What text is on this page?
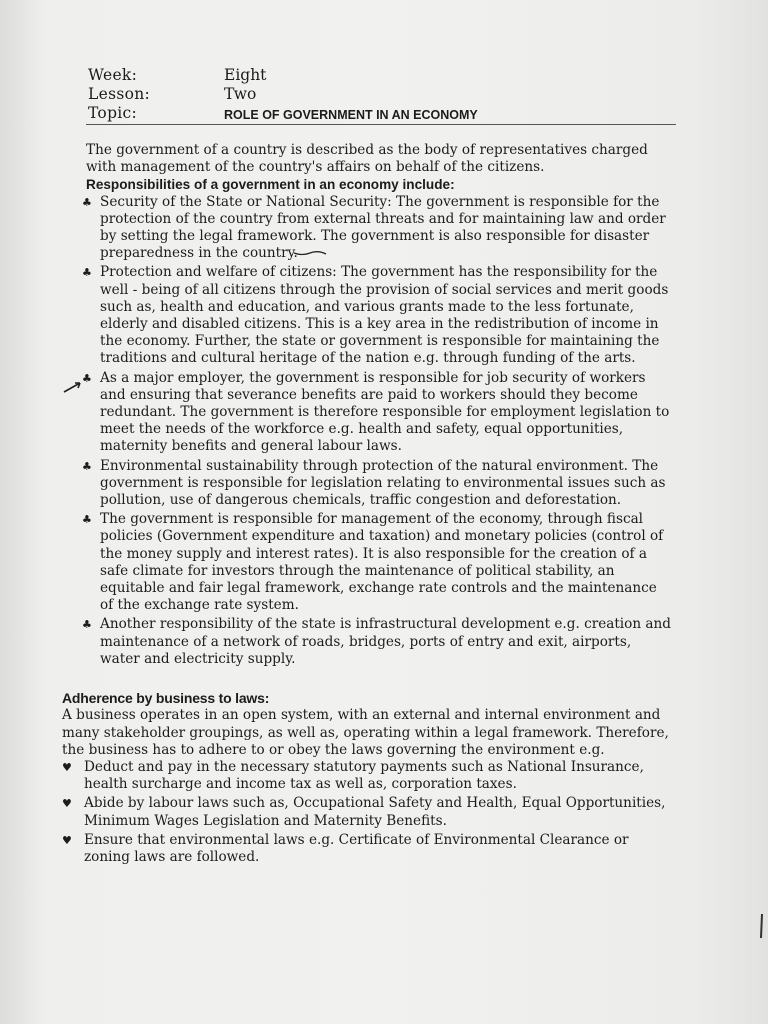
Week:	Eight
Lesson:	Two
Topic:	ROLE OF GOVERNMENT IN AN ECONOMY

The government of a country is described as the body of representatives charged with management of the country's affairs on behalf of the citizens.

Responsibilities of a government in an economy include:

♣ Security of the State or National Security: The government is responsible for the protection of the country from external threats and for maintaining law and order by setting the legal framework. The government is also responsible for disaster preparedness in the country.
♣ Protection and welfare of citizens: The government has the responsibility for the well - being of all citizens through the provision of social services and merit goods such as, health and education, and various grants made to the less fortunate, elderly and disabled citizens. This is a key area in the redistribution of income in the economy. Further, the state or government is responsible for maintaining the traditions and cultural heritage of the nation e.g. through funding of the arts.
♣ As a major employer, the government is responsible for job security of workers and ensuring that severance benefits are paid to workers should they become redundant. The government is therefore responsible for employment legislation to meet the needs of the workforce e.g. health and safety, equal opportunities, maternity benefits and general labour laws.
♣ Environmental sustainability through protection of the natural environment. The government is responsible for legislation relating to environmental issues such as pollution, use of dangerous chemicals, traffic congestion and deforestation.
♣ The government is responsible for management of the economy, through fiscal policies (Government expenditure and taxation) and monetary policies (control of the money supply and interest rates). It is also responsible for the creation of a safe climate for investors through the maintenance of political stability, an equitable and fair legal framework, exchange rate controls and the maintenance of the exchange rate system.
♣ Another responsibility of the state is infrastructural development e.g. creation and maintenance of a network of roads, bridges, ports of entry and exit, airports, water and electricity supply.

Adherence by business to laws:

A business operates in an open system, with an external and internal environment and many stakeholder groupings, as well as, operating within a legal framework. Therefore, the business has to adhere to or obey the laws governing the environment e.g.

♥ Deduct and pay in the necessary statutory payments such as National Insurance, health surcharge and income tax as well as, corporation taxes.
♥ Abide by labour laws such as, Occupational Safety and Health, Equal Opportunities, Minimum Wages Legislation and Maternity Benefits.
♥ Ensure that environmental laws e.g. Certificate of Environmental Clearance or zoning laws are followed.
